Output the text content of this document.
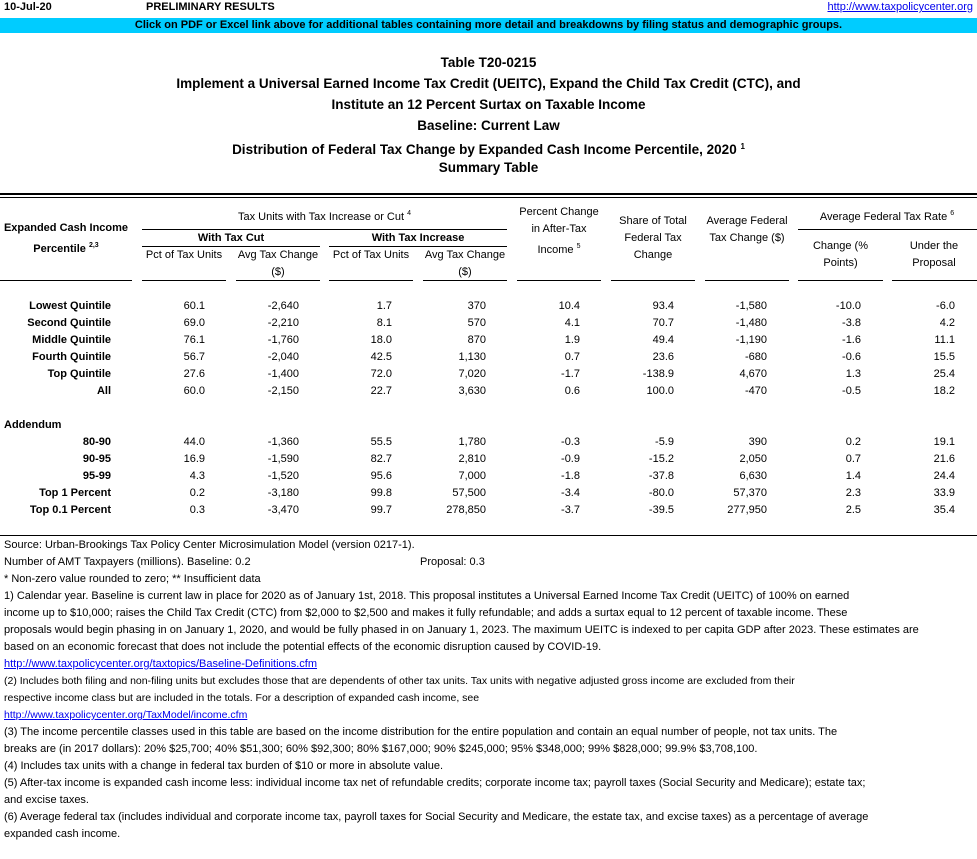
10-Jul-20	PRELIMINARY RESULTS	http://www.taxpolicycenter.org
Click on PDF or Excel link above for additional tables containing more detail and breakdowns by filing status and demographic groups.
Table T20-0215
Implement a Universal Earned Income Tax Credit (UEITC), Expand the Child Tax Credit (CTC), and
Institute an 12 Percent Surtax on Taxable Income
Baseline: Current Law
Distribution of Federal Tax Change by Expanded Cash Income Percentile, 2020 $^1$
Summary Table
Expanded Cash Income Percentile $^{2,3}$
Tax Units with Tax Increase or Cut $^4$
With Tax Cut	With Tax Increase
Pct of Tax Units	Avg Tax Change ($)
Pct of Tax Units	Avg Tax Change ($)
Percent Change in After-Tax Income $^5$
Share of Total Federal Tax Change
Average Federal Tax Change ($)
Average Federal Tax Rate $^6$
Change (% Points)
Under the Proposal
Lowest Quintile	60.1	-2,640	1.7	370	10.4	93.4	-1,580	-10.0	-6.0
Second Quintile	69.0	-2,210	8.1	570	4.1	70.7	-1,480	-3.8	4.2
Middle Quintile	76.1	-1,760	18.0	870	1.9	49.4	-1,190	-1.6	11.1
Fourth Quintile	56.7	-2,040	42.5	1,130	0.7	23.6	-680	-0.6	15.5
Top Quintile	27.6	-1,400	72.0	7,020	-1.7	-138.9	4,670	1.3	25.4
All	60.0	-2,150	22.7	3,630	0.6	100.0	-470	-0.5	18.2
80-90	44.0	-1,360	55.5	1,780	-0.3	-5.9	390	0.2	19.1
90-95	16.9	-1,590	82.7	2,810	-0.9	-15.2	2,050	0.7	21.6
95-99	4.3	-1,520	95.6	7,000	-1.8	-37.8	6,630	1.4	24.4
Top 1 Percent	0.2	-3,180	99.8	57,500	-3.4	-80.0	57,370	2.3	33.9
Top 0.1 Percent	0.3	-3,470	99.7	278,850	-3.7	-39.5	277,950	2.5	35.4
Addendum
Source: Urban-Brookings Tax Policy Center Microsimulation Model (version 0217-1).
Number of AMT Taxpayers (millions). Baseline: 0.2	Proposal: 0.3
* Non-zero value rounded to zero; ** Insufficient data
1) Calendar year. Baseline is current law in place for 2020 as of January 1st, 2018. This proposal institutes a Universal Earned Income Tax Credit (UEITC) of 100% on earned
income up to $10,000; raises the Child Tax Credit (CTC) from $2,000 to $2,500 and makes it fully refundable; and adds a surtax equal to 12 percent of taxable income. These
proposals would begin phasing in on January 1, 2020, and would be fully phased in on January 1, 2023. The maximum UEITC is indexed to per capita GDP after 2023. These estimates are
based on an economic forecast that does not include the potential effects of the economic disruption caused by COVID-19.
http://www.taxpolicycenter.org/taxtopics/Baseline-Definitions.cfm
(2) Includes both filing and non-filing units but excludes those that are dependents of other tax units. Tax units with negative adjusted gross income are excluded from their
respective income class but are included in the totals. For a description of expanded cash income, see
http://www.taxpolicycenter.org/TaxModel/income.cfm
(3) The income percentile classes used in this table are based on the income distribution for the entire population and contain an equal number of people, not tax units. The
breaks are (in 2017 dollars): 20% $25,700; 40% $51,300; 60% $92,300; 80% $167,000; 90% $245,000; 95% $348,000; 99% $828,000; 99.9% $3,708,100.
(4) Includes tax units with a change in federal tax burden of $10 or more in absolute value.
(5) After-tax income is expanded cash income less: individual income tax net of refundable credits; corporate income tax; payroll taxes (Social Security and Medicare); estate tax;
and excise taxes.
(6) Average federal tax (includes individual and corporate income tax, payroll taxes for Social Security and Medicare, the estate tax, and excise taxes) as a percentage of average
expanded cash income.
